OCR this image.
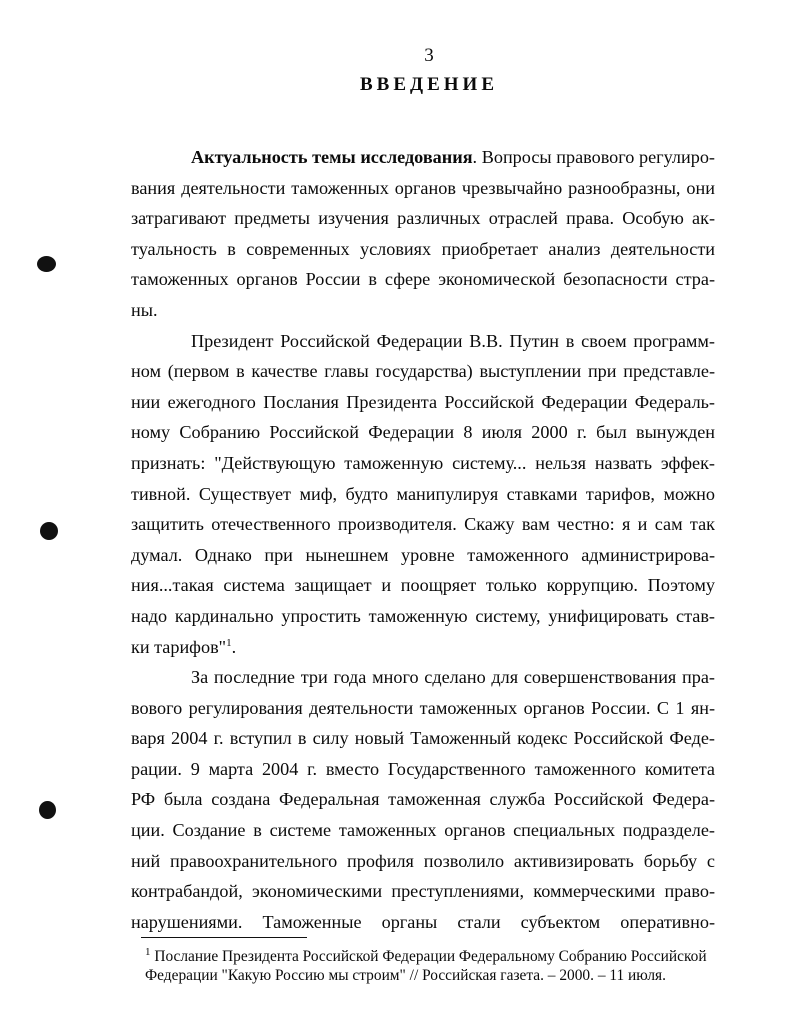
3
ВВЕДЕНИЕ
Актуальность темы исследования. Вопросы правового регулиро-
вания деятельности таможенных органов чрезвычайно разнообразны, они
затрагивают предметы изучения различных отраслей права. Особую ак-
туальность в современных условиях приобретает анализ деятельности
таможенных органов России в сфере экономической безопасности стра-
ны.
Президент Российской Федерации В.В. Путин в своем программ-
ном (первом в качестве главы государства) выступлении при представле-
нии ежегодного Послания Президента Российской Федерации Федераль-
ному Собранию Российской Федерации 8 июля 2000 г. был вынужден
признать: "Действующую таможенную систему... нельзя назвать эффек-
тивной. Существует миф, будто манипулируя ставками тарифов, можно
защитить отечественного производителя. Скажу вам честно: я и сам так
думал. Однако при нынешнем уровне таможенного администрирова-
ния...такая система защищает и поощряет только коррупцию. Поэтому
надо кардинально упростить таможенную систему, унифицировать став-
ки тарифов"$^1$.
За последние три года много сделано для совершенствования пра-
вового регулирования деятельности таможенных органов России. С 1 ян-
варя 2004 г. вступил в силу новый Таможенный кодекс Российской Феде-
рации. 9 марта 2004 г. вместо Государственного таможенного комитета
РФ была создана Федеральная таможенная служба Российской Федера-
ции. Создание в системе таможенных органов специальных подразделе-
ний правоохранительного профиля позволило активизировать борьбу с
контрабандой, экономическими преступлениями, коммерческими право-
нарушениями. Таможенные органы стали субъектом оперативно-
$^1$ Послание Президента Российской Федерации Федеральному Собранию Российской
Федерации "Какую Россию мы строим" // Российская газета. – 2000. – 11 июля.
